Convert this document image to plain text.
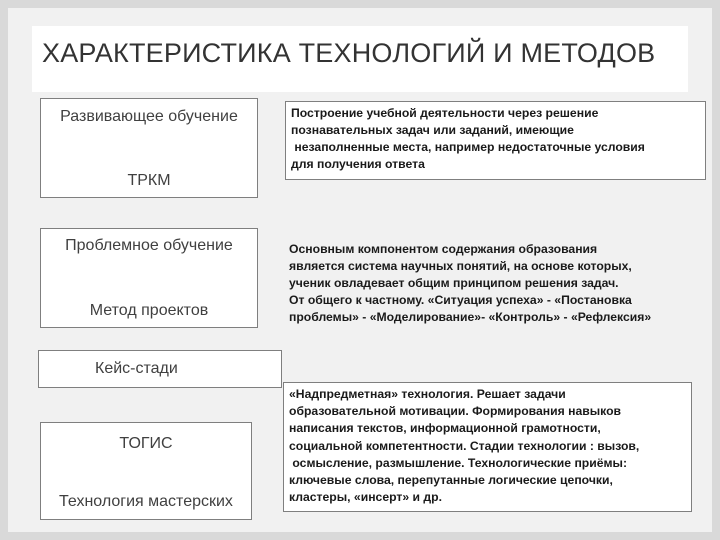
ХАРАКТЕРИСТИКА ТЕХНОЛОГИЙ И МЕТОДОВ
Развивающее обучение
ТРКМ
Проблемное обучение
Метод проектов
Кейс-стади
ТОГИС
Технология мастерских
Построение учебной деятельности через решение
познавательных задач или заданий, имеющие
незаполненные места, например недостаточные условия
для получения ответа
Основным компонентом содержания образования
является система научных понятий, на основе которых,
ученик овладевает общим принципом решения задач.
От общего к частному. «Ситуация успеха» - «Постановка
проблемы» - «Моделирование»- «Контроль» - «Рефлексия»
«Надпредметная» технология. Решает задачи
образовательной мотивации. Формирования навыков
написания текстов, информационной грамотности,
социальной компетентности. Стадии технологии : вызов,
осмысление, размышление. Технологические приёмы:
ключевые слова, перепутанные логические цепочки,
кластеры, «инсерт» и др.
